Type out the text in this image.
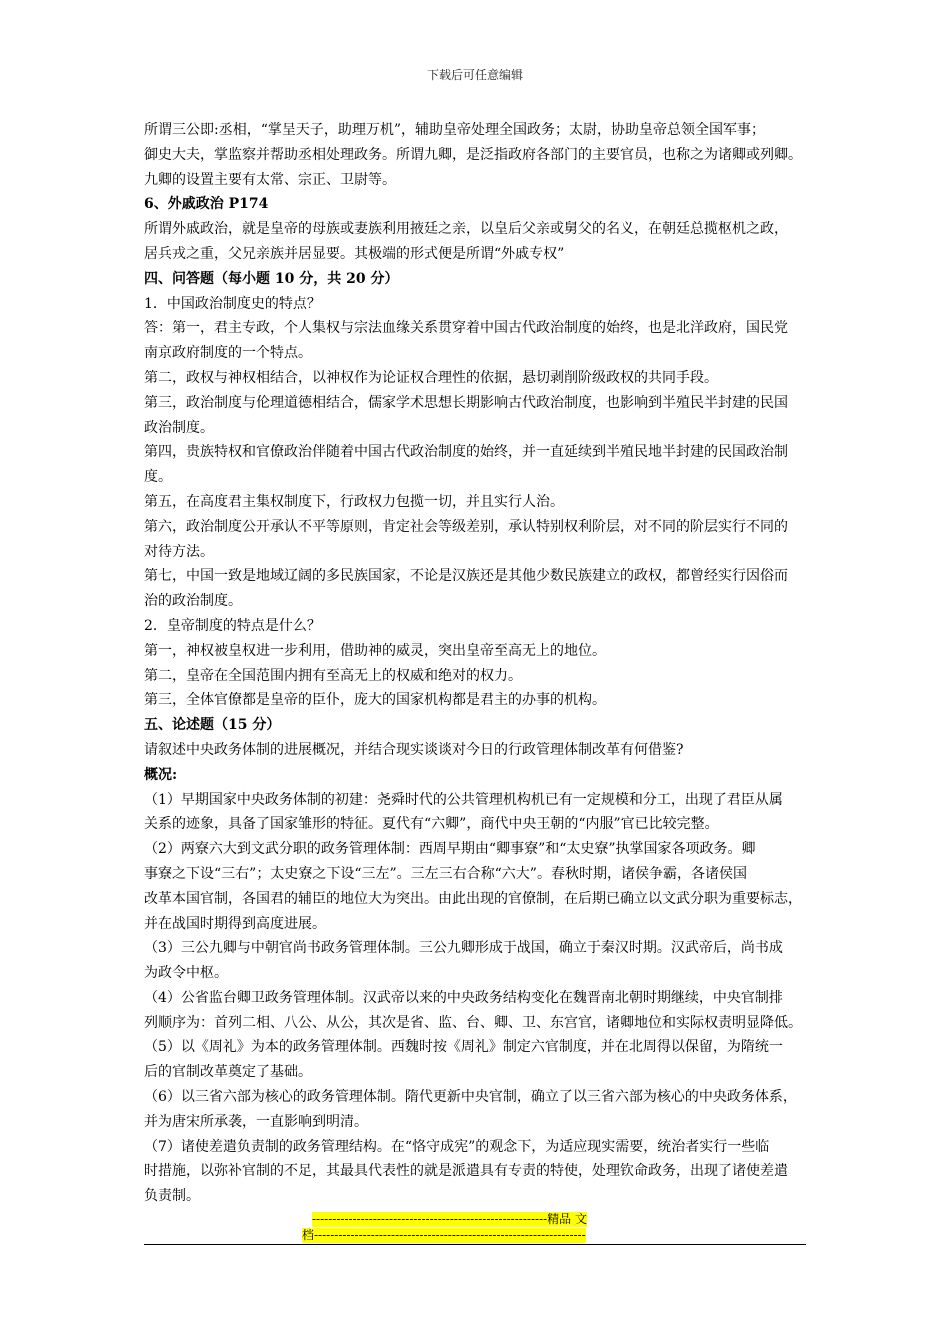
下载后可任意编辑

所谓三公即:丞相，“掌呈天子，助理万机”，辅助皇帝处理全国政务；太尉，协助皇帝总领全国军事；

御史大夫，掌监察并帮助丞相处理政务。所谓九卿，是泛指政府各部门的主要官员，也称之为诸卿或列卿。

九卿的设置主要有太常、宗正、卫尉等。

6、外戚政治 P174

所谓外戚政治，就是皇帝的母族或妻族利用掖廷之亲，以皇后父亲或舅父的名义，在朝廷总揽枢机之政，

居兵戎之重，父兄亲族并居显要。其极端的形式便是所谓“外戚专权”

四、问答题（每小题 10 分，共 20 分）

1．中国政治制度史的特点？

答：第一，君主专政，个人集权与宗法血缘关系贯穿着中国古代政治制度的始终，也是北洋政府，国民党

南京政府制度的一个特点。

第二，政权与神权相结合，以神权作为论证权合理性的依据，悬切剥削阶级政权的共同手段。

第三，政治制度与伦理道德相结合，儒家学术思想长期影响古代政治制度，也影响到半殖民半封建的民国

政治制度。

第四，贵族特权和官僚政治伴随着中国古代政治制度的始终，并一直延续到半殖民地半封建的民国政治制

度。

第五，在高度君主集权制度下，行政权力包揽一切，并且实行人治。

第六，政治制度公开承认不平等原则，肯定社会等级差别，承认特别权利阶层，对不同的阶层实行不同的

对待方法。

第七，中国一致是地域辽阔的多民族国家，不论是汉族还是其他少数民族建立的政权，都曾经实行因俗而

治的政治制度。

2．皇帝制度的特点是什么？

第一，神权被皇权进一步利用，借助神的威灵，突出皇帝至高无上的地位。

第二，皇帝在全国范围内拥有至高无上的权威和绝对的权力。

第三，全体官僚都是皇帝的臣仆，庞大的国家机构都是君主的办事的机构。

五、论述题（15 分）

请叙述中央政务体制的进展概况，并结合现实谈谈对今日的行政管理体制改革有何借鉴?

概况:

（1）早期国家中央政务体制的初建：尧舜时代的公共管理机构机已有一定规模和分工，出现了君臣从属

关系的迹象，具备了国家雏形的特征。夏代有“六卿”，商代中央王朝的“内服”官已比较完整。

（2）两寮六大到文武分职的政务管理体制：西周早期由“卿事寮”和“太史寮”执掌国家各项政务。卿

事寮之下设“三右”；太史寮之下设“三左”。三左三右合称“六大”。春秋时期，诸侯争霸，各诸侯国

改革本国官制，各国君的辅臣的地位大为突出。由此出现的官僚制，在后期已确立以文武分职为重要标志，

并在战国时期得到高度进展。

（3）三公九卿与中朝官尚书政务管理体制。三公九卿形成于战国，确立于秦汉时期。汉武帝后，尚书成

为政令中枢。

（4）公省监台卿卫政务管理体制。汉武帝以来的中央政务结构变化在魏晋南北朝时期继续，中央官制排

列顺序为：首列二相、八公、从公，其次是省、监、台、卿、卫、东宫官，诸卿地位和实际权责明显降低。

（5）以《周礼》为本的政务管理体制。西魏时按《周礼》制定六官制度，并在北周得以保留，为隋统一

后的官制改革奠定了基础。

（6）以三省六部为核心的政务管理体制。隋代更新中央官制，确立了以三省六部为核心的中央政务体系，

并为唐宋所承袭，一直影响到明清。

（7）诸使差遣负责制的政务管理结构。在“恪守成宪”的观念下，为适应现实需要，统治者实行一些临

时措施，以弥补官制的不足，其最具代表性的就是派遣具有专责的特使，处理钦命政务，出现了诸使差遣

负责制。

----------------------------------------------------------精品 文
档-------------------------------------------------------------------
